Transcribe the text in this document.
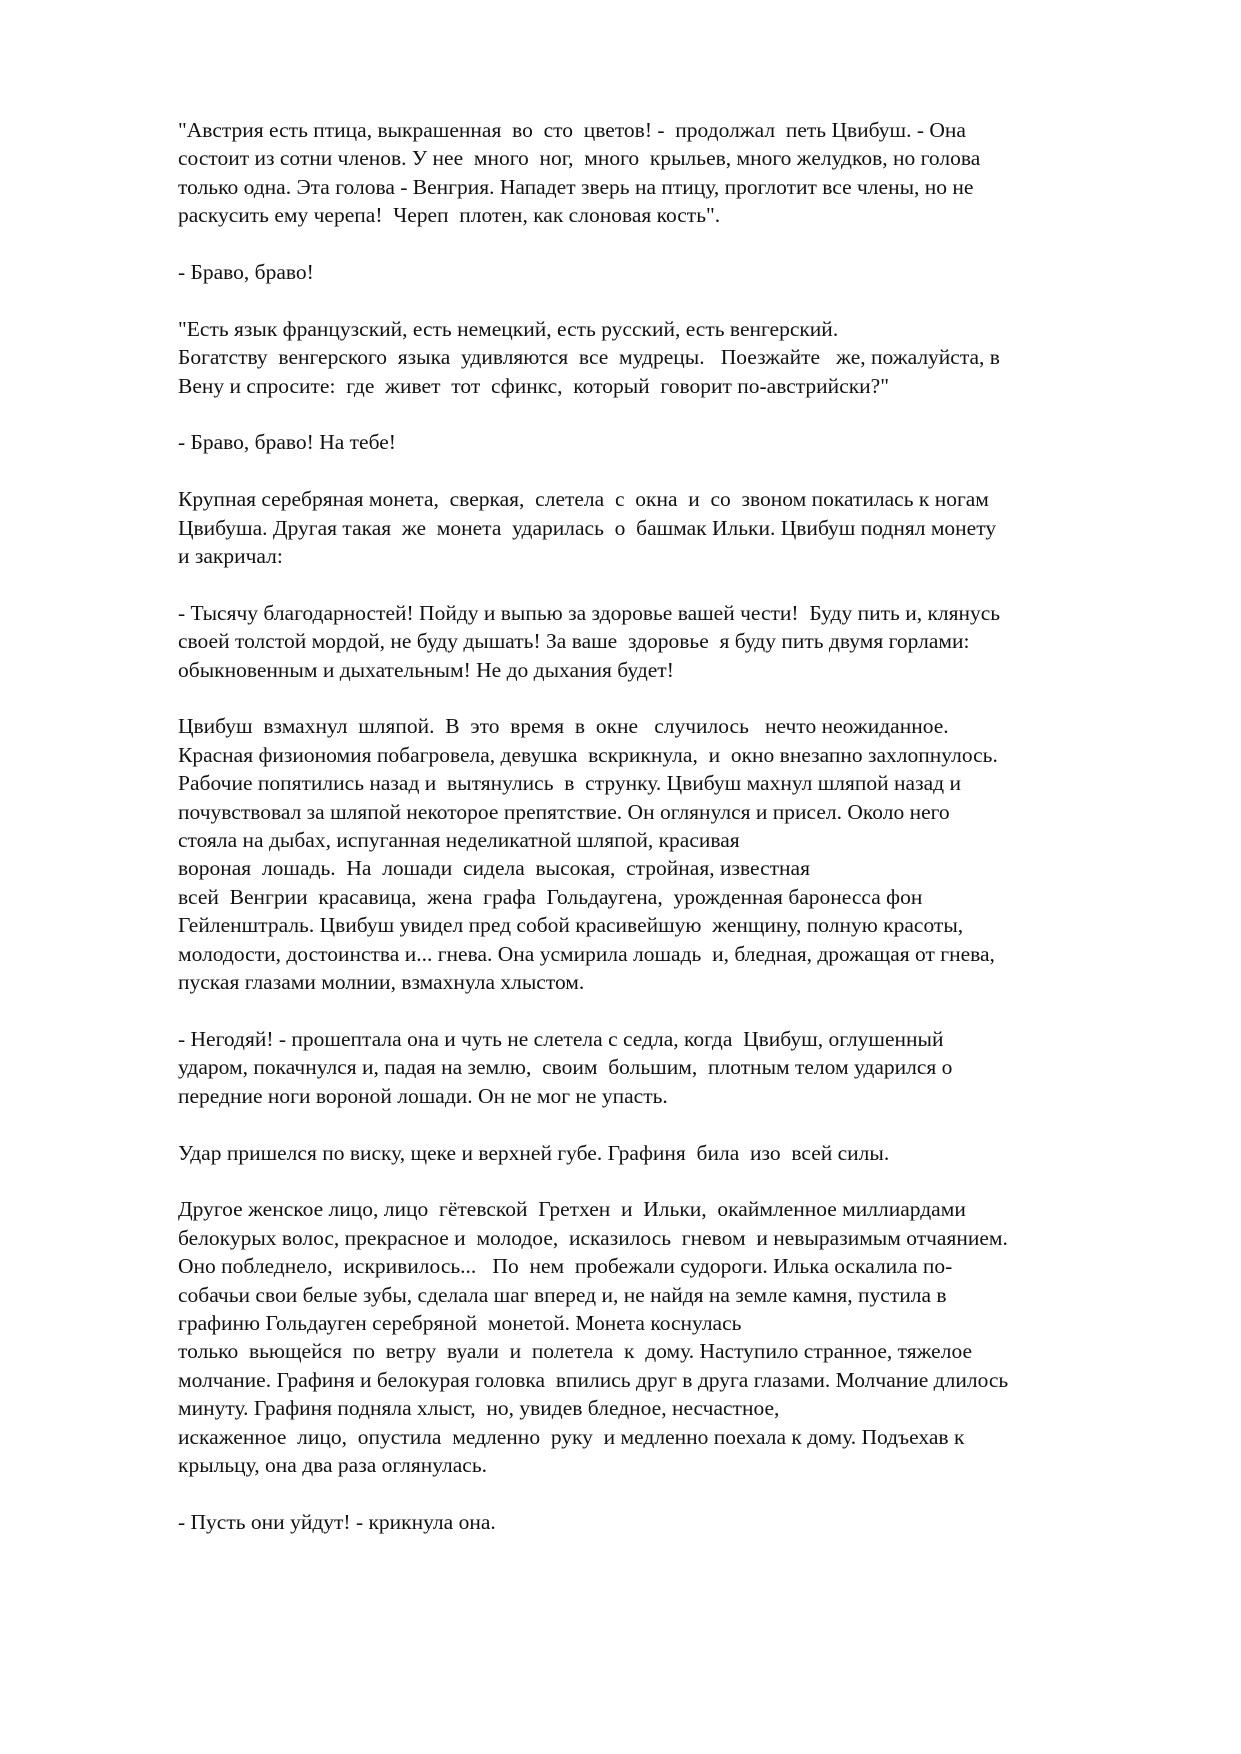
"Австрия есть птица, выкрашенная  во  сто  цветов! -  продолжал  петь Цвибуш. - Она
состоит из сотни членов. У нее  много  ног,  много  крыльев, много желудков, но голова
только одна. Эта голова - Венгрия. Нападет зверь на птицу, проглотит все члены, но не
раскусить ему черепа!  Череп  плотен, как слоновая кость".
- Браво, браво!
"Есть язык французский, есть немецкий, есть русский, есть венгерский.
Богатству  венгерского  языка  удивляются  все  мудрецы.   Поезжайте   же, пожалуйста, в
Вену и спросите:  где  живет  тот  сфинкс,  который  говорит по-австрийски?"
- Браво, браво! На тебе!
Крупная серебряная монета,  сверкая,  слетела  с  окна  и  со  звоном покатилась к ногам
Цвибуша. Другая такая  же  монета  ударилась  о  башмак Ильки. Цвибуш поднял монету
и закричал:
- Тысячу благодарностей! Пойду и выпью за здоровье вашей чести!  Буду пить и, клянусь
своей толстой мордой, не буду дышать! За ваше  здоровье  я буду пить двумя горлами:
обыкновенным и дыхательным! Не до дыхания будет!
Цвибуш  взмахнул  шляпой.  В  это  время  в  окне   случилось   нечто неожиданное.
Красная физиономия побагровела, девушка  вскрикнула,  и  окно внезапно захлопнулось.
Рабочие попятились назад и  вытянулись  в  струнку. Цвибуш махнул шляпой назад и
почувствовал за шляпой некоторое препятствие. Он оглянулся и присел. Около него
стояла на дыбах, испуганная неделикатной шляпой, красивая
вороная  лошадь.  На  лошади  сидела  высокая,  стройная, известная
всей  Венгрии  красавица,  жена  графа  Гольдаугена,  урожденная баронесса фон
Гейленштраль. Цвибуш увидел пред собой красивейшую  женщину, полную красоты,
молодости, достоинства и... гнева. Она усмирила лошадь  и, бледная, дрожащая от гнева,
пуская глазами молнии, взмахнула хлыстом.
- Негодяй! - прошептала она и чуть не слетела с седла, когда  Цвибуш, оглушенный
ударом, покачнулся и, падая на землю,  своим  большим,  плотным телом ударился о
передние ноги вороной лошади. Он не мог не упасть.
Удар пришелся по виску, щеке и верхней губе. Графиня  била  изо  всей силы.
Другое женское лицо, лицо  гётевской  Гретхен  и  Ильки,  окаймленное миллиардами
белокурых волос, прекрасное и  молодое,  исказилось  гневом  и невыразимым отчаянием.
Оно побледнело,  искривилось...   По  нем  пробежали судороги. Илька оскалила по-
собачьи свои белые зубы, сделала шаг вперед и, не найдя на земле камня, пустила в
графиню Гольдауген серебряной  монетой. Монета коснулась
только  вьющейся  по  ветру  вуали  и  полетела  к  дому. Наступило странное, тяжелое
молчание. Графиня и белокурая головка  впились друг в друга глазами. Молчание длилось
минуту. Графиня подняла хлыст,  но, увидев бледное, несчастное,
искаженное  лицо,  опустила  медленно  руку  и медленно поехала к дому. Подъехав к
крыльцу, она два раза оглянулась.
- Пусть они уйдут! - крикнула она.
